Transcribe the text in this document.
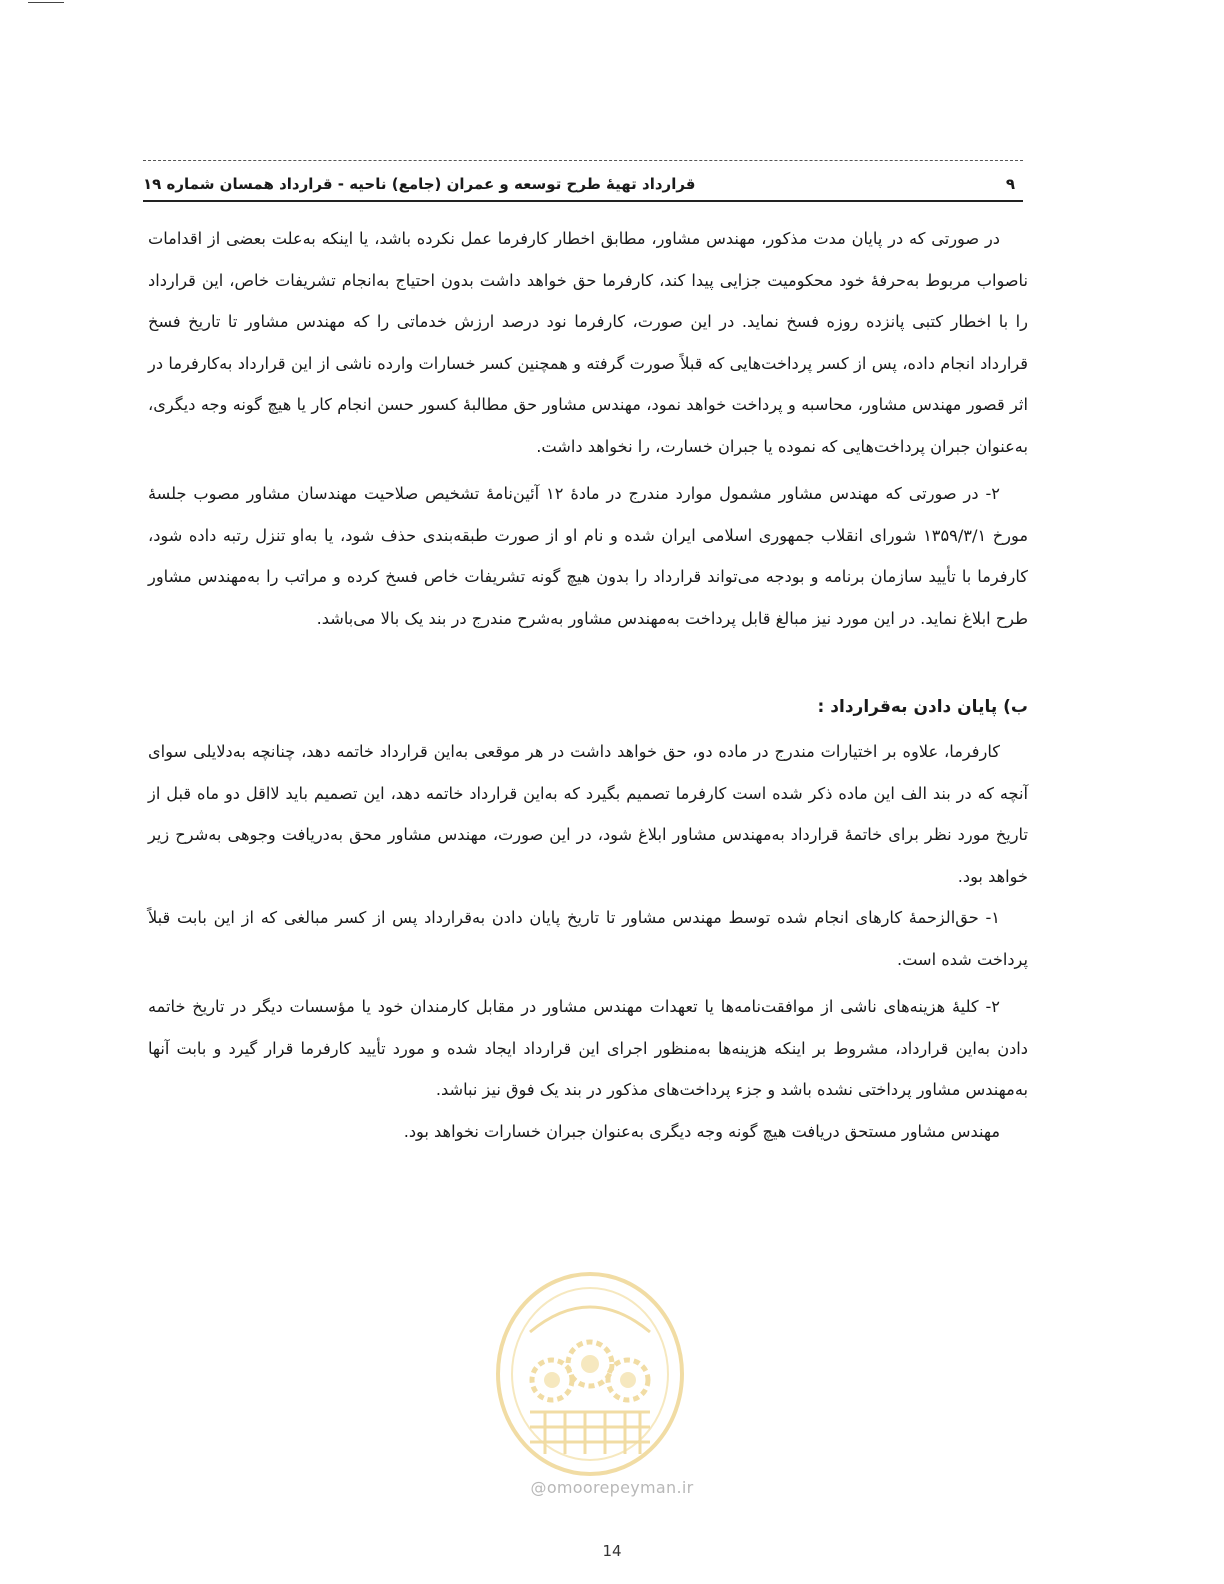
۹
قرارداد تهیهٔ طرح توسعه و عمران (جامع) ناحیه - قرارداد همسان شماره ۱۹

در صورتی که در پایان مدت مذکور، مهندس مشاور، مطابق اخطار کارفرما عمل نکرده باشد، یا اینکه به‌علت بعضی از اقدامات ناصواب مربوط به‌حرفهٔ خود محکومیت جزایی پیدا کند، کارفرما حق خواهد داشت بدون احتیاج به‌انجام تشریفات خاص، این قرارداد را با اخطار کتبی پانزده روزه فسخ نماید. در این صورت، کارفرما نود درصد ارزش خدماتی را که مهندس مشاور تا تاریخ فسخ قرارداد انجام داده، پس از کسر پرداخت‌هایی که قبلاً صورت گرفته و همچنین کسر خسارات وارده ناشی از این قرارداد به‌کارفرما در اثر قصور مهندس مشاور، محاسبه و پرداخت خواهد نمود، مهندس مشاور حق مطالبهٔ کسور حسن انجام کار یا هیچ گونه وجه دیگری، به‌عنوان جبران پرداخت‌هایی که نموده یا جبران خسارت، را نخواهد داشت.

۲- در صورتی که مهندس مشاور مشمول موارد مندرج در مادهٔ ۱۲ آئین‌نامهٔ تشخیص صلاحیت مهندسان مشاور مصوب جلسهٔ مورخ ۱۳۵۹/۳/۱ شورای انقلاب جمهوری اسلامی ایران شده و نام او از صورت طبقه‌بندی حذف شود، یا به‌او تنزل رتبه داده شود، کارفرما با تأیید سازمان برنامه و بودجه می‌تواند قرارداد را بدون هیچ گونه تشریفات خاص فسخ کرده و مراتب را به‌مهندس مشاور طرح ابلاغ نماید. در این مورد نیز مبالغ قابل پرداخت به‌مهندس مشاور به‌شرح مندرج در بند یک بالا می‌باشد.

ب) پایان دادن به‌قرارداد :

کارفرما، علاوه بر اختیارات مندرج در ماده دو، حق خواهد داشت در هر موقعی به‌این قرارداد خاتمه دهد، چنانچه به‌دلایلی سوای آنچه که در بند الف این ماده ذکر شده است کارفرما تصمیم بگیرد که به‌این قرارداد خاتمه دهد، این تصمیم باید لااقل دو ماه قبل از تاریخ مورد نظر برای خاتمهٔ قرارداد به‌مهندس مشاور ابلاغ شود، در این صورت، مهندس مشاور محق به‌دریافت وجوهی به‌شرح زیر خواهد بود.

۱- حق‌الزحمهٔ کارهای انجام شده توسط مهندس مشاور تا تاریخ پایان دادن به‌قرارداد پس از کسر مبالغی که از این بابت قبلاً پرداخت شده است.

۲- کلیهٔ هزینه‌های ناشی از موافقت‌نامه‌ها یا تعهدات مهندس مشاور در مقابل کارمندان خود یا مؤسسات دیگر در تاریخ خاتمه دادن به‌این قرارداد، مشروط بر اینکه هزینه‌ها به‌منظور اجرای این قرارداد ایجاد شده و مورد تأیید کارفرما قرار گیرد و بابت آنها به‌مهندس مشاور پرداختی نشده باشد و جزء پرداخت‌های مذکور در بند یک فوق نیز نباشد.

مهندس مشاور مستحق دریافت هیچ گونه وجه دیگری به‌عنوان جبران خسارات نخواهد بود.

@omoorepeyman.ir
14
